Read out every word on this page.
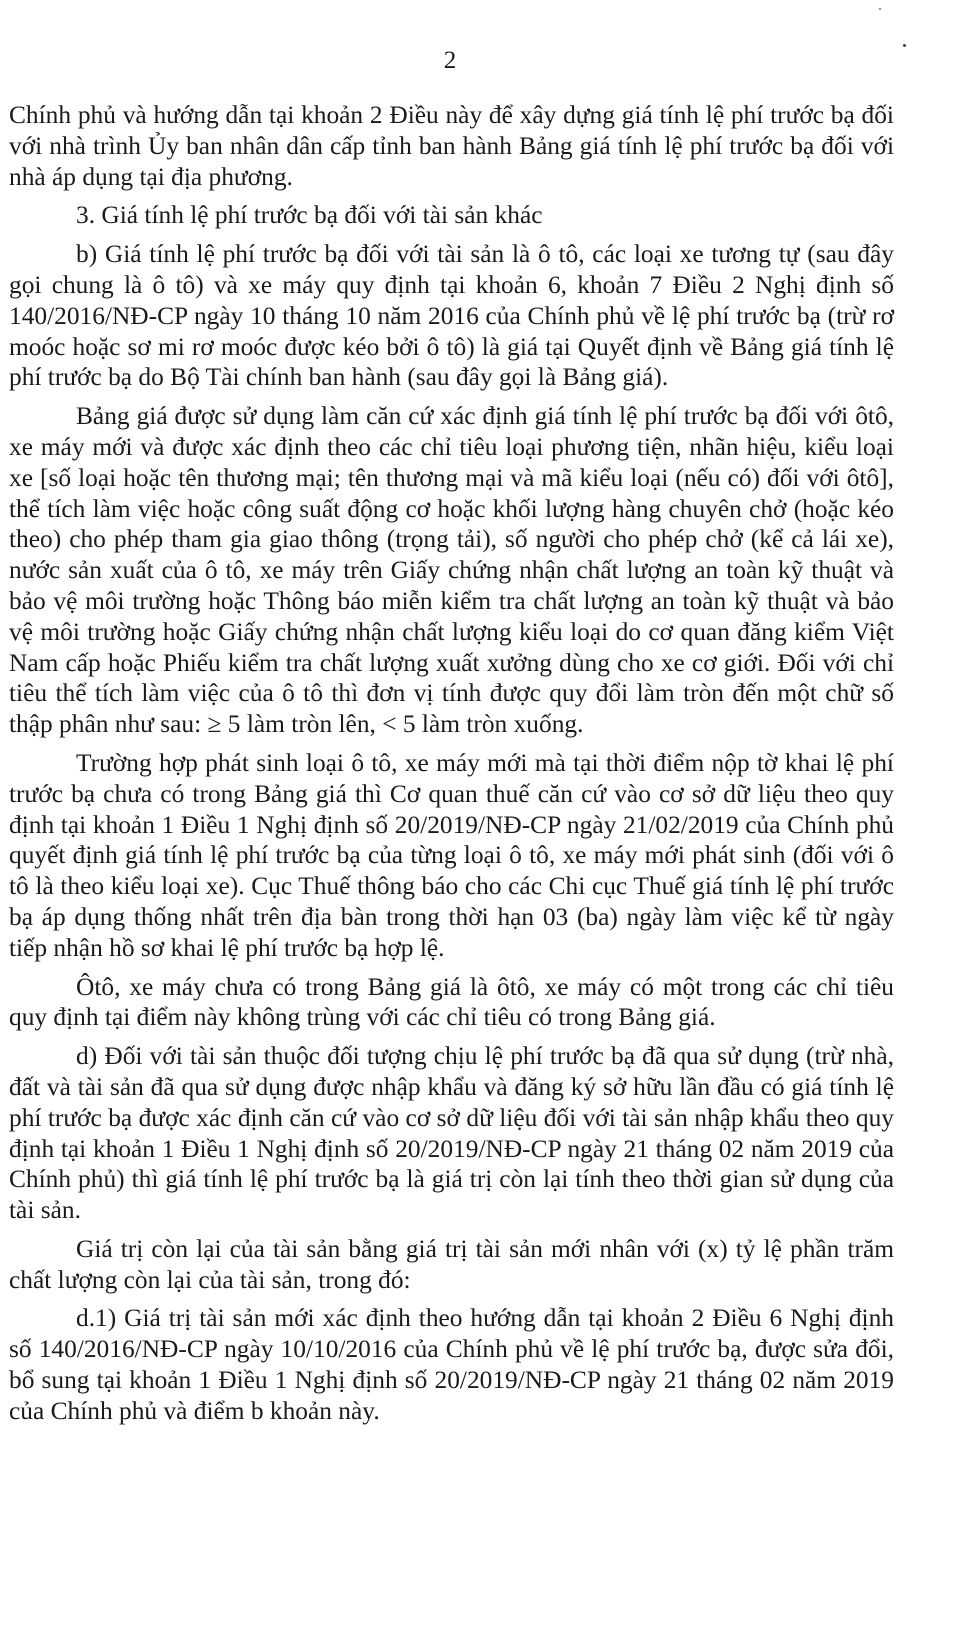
2

Chính phủ và hướng dẫn tại khoản 2 Điều này để xây dựng giá tính lệ phí trước bạ đối với nhà trình Ủy ban nhân dân cấp tỉnh ban hành Bảng giá tính lệ phí trước bạ đối với nhà áp dụng tại địa phương.

3. Giá tính lệ phí trước bạ đối với tài sản khác

b) Giá tính lệ phí trước bạ đối với tài sản là ô tô, các loại xe tương tự (sau đây gọi chung là ô tô) và xe máy quy định tại khoản 6, khoản 7 Điều 2 Nghị định số 140/2016/NĐ-CP ngày 10 tháng 10 năm 2016 của Chính phủ về lệ phí trước bạ (trừ rơ moóc hoặc sơ mi rơ moóc được kéo bởi ô tô) là giá tại Quyết định về Bảng giá tính lệ phí trước bạ do Bộ Tài chính ban hành (sau đây gọi là Bảng giá).

Bảng giá được sử dụng làm căn cứ xác định giá tính lệ phí trước bạ đối với ôtô, xe máy mới và được xác định theo các chỉ tiêu loại phương tiện, nhãn hiệu, kiểu loại xe [số loại hoặc tên thương mại; tên thương mại và mã kiểu loại (nếu có) đối với ôtô], thể tích làm việc hoặc công suất động cơ hoặc khối lượng hàng chuyên chở (hoặc kéo theo) cho phép tham gia giao thông (trọng tải), số người cho phép chở (kể cả lái xe), nước sản xuất của ô tô, xe máy trên Giấy chứng nhận chất lượng an toàn kỹ thuật và bảo vệ môi trường hoặc Thông báo miễn kiểm tra chất lượng an toàn kỹ thuật và bảo vệ môi trường hoặc Giấy chứng nhận chất lượng kiểu loại do cơ quan đăng kiểm Việt Nam cấp hoặc Phiếu kiểm tra chất lượng xuất xưởng dùng cho xe cơ giới. Đối với chỉ tiêu thể tích làm việc của ô tô thì đơn vị tính được quy đổi làm tròn đến một chữ số thập phân như sau: ≥ 5 làm tròn lên, < 5 làm tròn xuống.

Trường hợp phát sinh loại ô tô, xe máy mới mà tại thời điểm nộp tờ khai lệ phí trước bạ chưa có trong Bảng giá thì Cơ quan thuế căn cứ vào cơ sở dữ liệu theo quy định tại khoản 1 Điều 1 Nghị định số 20/2019/NĐ-CP ngày 21/02/2019 của Chính phủ quyết định giá tính lệ phí trước bạ của từng loại ô tô, xe máy mới phát sinh (đối với ô tô là theo kiểu loại xe). Cục Thuế thông báo cho các Chi cục Thuế giá tính lệ phí trước bạ áp dụng thống nhất trên địa bàn trong thời hạn 03 (ba) ngày làm việc kể từ ngày tiếp nhận hồ sơ khai lệ phí trước bạ hợp lệ.

Ôtô, xe máy chưa có trong Bảng giá là ôtô, xe máy có một trong các chỉ tiêu quy định tại điểm này không trùng với các chỉ tiêu có trong Bảng giá.

d) Đối với tài sản thuộc đối tượng chịu lệ phí trước bạ đã qua sử dụng (trừ nhà, đất và tài sản đã qua sử dụng được nhập khẩu và đăng ký sở hữu lần đầu có giá tính lệ phí trước bạ được xác định căn cứ vào cơ sở dữ liệu đối với tài sản nhập khẩu theo quy định tại khoản 1 Điều 1 Nghị định số 20/2019/NĐ-CP ngày 21 tháng 02 năm 2019 của Chính phủ) thì giá tính lệ phí trước bạ là giá trị còn lại tính theo thời gian sử dụng của tài sản.

Giá trị còn lại của tài sản bằng giá trị tài sản mới nhân với (x) tỷ lệ phần trăm chất lượng còn lại của tài sản, trong đó:

d.1) Giá trị tài sản mới xác định theo hướng dẫn tại khoản 2 Điều 6 Nghị định số 140/2016/NĐ-CP ngày 10/10/2016 của Chính phủ về lệ phí trước bạ, được sửa đổi, bổ sung tại khoản 1 Điều 1 Nghị định số 20/2019/NĐ-CP ngày 21 tháng 02 năm 2019 của Chính phủ và điểm b khoản này.
